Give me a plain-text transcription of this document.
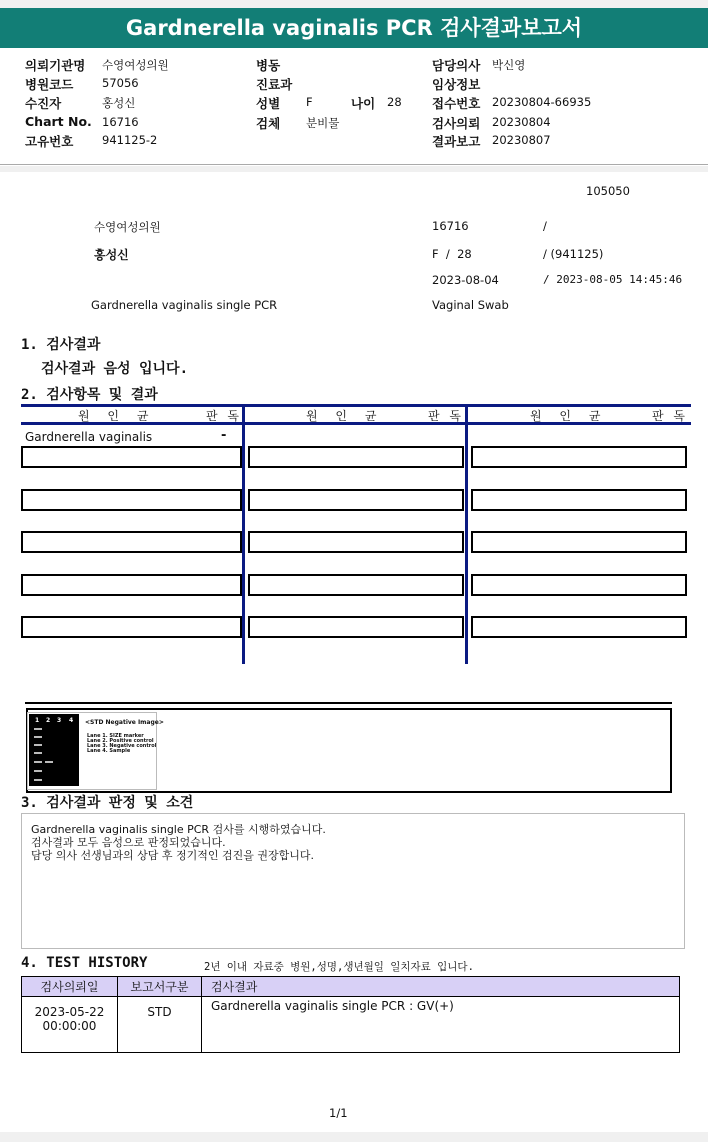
Gardnerella vaginalis PCR 검사결과보고서
의뢰기관명 수영여성의원
병원코드 57056
수진자	홍성신
Chart No. 16716
고유번호 941125-2
병동
진료과
성별 F	나이 28
검체 분비물
담당의사 박신영
임상정보
접수번호 20230804-66935
검사의뢰 20230804
결과보고 20230807
105050
수영여성의원	16716	/
홍성신	F  /  28	/ (941125)
2023-08-04	/ 2023-08-05 14:45:46
Gardnerella vaginalis single PCR	Vaginal Swab
1. 검사결과
검사결과 음성 입니다.
2. 검사항목 및 결과
원 인 균	판 독	원 인 균	판 독	원 인 균	판 독
Gardnerella vaginalis	-
1 2 3 4 <STD Negative Image>
Lane 1. SIZE marker
Lane 2. Positive control
Lane 3. Negative control
Lane 4. Sample
3. 검사결과 판정 및 소견
Gardnerella vaginalis single PCR 검사를 시행하였습니다.
검사결과 모두 음성으로 판정되었습니다.
담당 의사 선생님과의 상담 후 정기적인 검진을 권장합니다.
4. TEST HISTORY	2년 이내 자료중 병원,성명,생년월일 일치자료 입니다.
검사의뢰일	보고서구분	검사결과

2023-05-22
00:00:00	STD	Gardnerella vaginalis single PCR : GV(+)
1/1
